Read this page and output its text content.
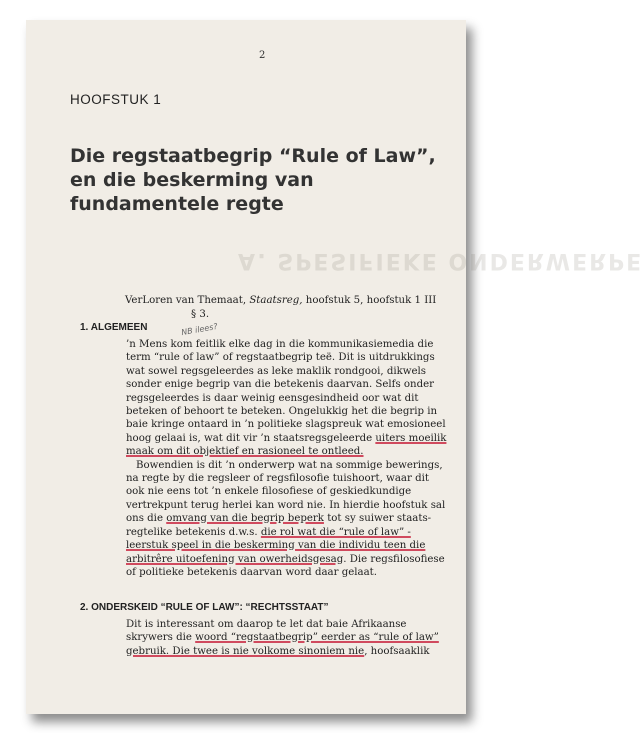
2
HOOFSTUK 1
Die regstaatbegrip “Rule of Law”,
en die beskerming van
fundamentele regte
A. SPESIFIEKE ONDERWERPE
VerLoren van Themaat, Staatsreg, hoofstuk 5, hoofstuk 1 III
§ 3.
NB ilees?
1. ALGEMEEN
’n Mens kom feitlik elke dag in die kommunikasiemedia die
term “rule of law” of regstaatbegrip teë. Dit is uitdrukkings
wat sowel regsgeleerdes as leke maklik rondgooi, dikwels
sonder enige begrip van die betekenis daarvan. Selfs onder
regsgeleerdes is daar weinig eensgesindheid oor wat dit
beteken of behoort te beteken. Ongelukkig het die begrip in
baie kringe ontaard in ’n politieke slagspreuk wat emosioneel
hoog gelaai is, wat dit vir ’n staatsregsgeleerde uiters moeilik
maak om dit objektief en rasioneel te ontleed.
Bowendien is dit ’n onderwerp wat na sommige bewerings,
na regte by die regsleer of regsfilosofie tuishoort, waar dit
ook nie eens tot ’n enkele filosofiese of geskiedkundige
vertrekpunt terug herlei kan word nie. In hierdie hoofstuk sal
ons die omvang van die begrip beperk tot sy suiwer staats-
regtelike betekenis d.w.s. die rol wat die “rule of law” -
leerstuk speel in die beskerming van die individu teen die
arbitrêre uitoefening van owerheidsgesag. Die regsfilosofiese
of politieke betekenis daarvan word daar gelaat.
2. ONDERSKEID “RULE OF LAW”: “RECHTSSTAAT”
Dit is interessant om daarop te let dat baie Afrikaanse
skrywers die woord “regstaatbegrip” eerder as “rule of law”
gebruik. Die twee is nie volkome sinoniem nie, hoofsaaklik
